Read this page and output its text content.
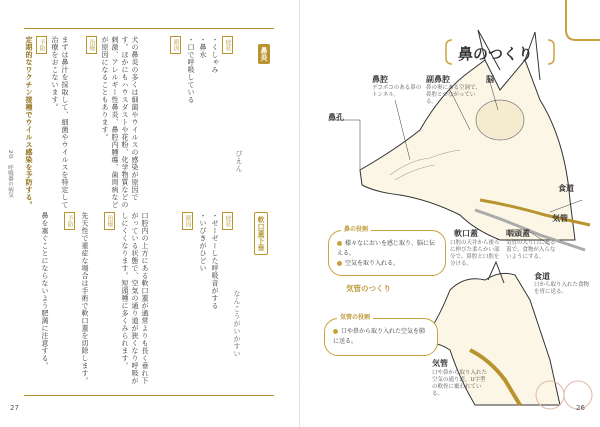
鼻炎
びえん
症状
・くしゃみ
・鼻水
・口で呼吸している
原因
犬の鼻炎の多くは細菌やウイルスの感染が原因です。ほかにもハウスダストや花粉、化学物質などの刺激、アレルギー性鼻炎、鼻腔内腫瘍、歯周病などが原因になることもあります。
治療
まずは鼻汁を採取して、細菌やウイルスを特定して治療をおこないます。
予防
定期的なワクチン接種でウイルス感染を予防する。
軟口蓋下垂
なんこうがいかすい
症状
・ゼーゼーした呼吸音がする
・いびきがひどい
原因
口腔内の上方にある軟口蓋が通常よりも長く垂れ下がっている状態で、空気の通り道が狭くなり呼吸がしにくくなります。短頭種に多くみられます。
治療
先天性で重症な場合は手術で軟口蓋を切除します。
予防
鼻を塞ぐことにならないよう肥満に注意する。
2章　呼吸器の病気
27
鼻のつくり
鼻腔
デコボコのある鼻のトンネル。
副鼻腔
鼻の奥にある空洞で、鼻腔とつながっている。
脳
鼻孔
食道
気管
軟口蓋
口腔の天井から後ろに伸びた柔らかい部分で、鼻腔と口腔を分ける。
咽頭蓋
気管の入り口にある蓋で、食物が入らないようにする。
鼻の役割
様々なにおいを感じ取り、脳に伝える。
空気を取り入れる。
気管のつくり
気管の役割
口や鼻から取り入れた空気を肺に送る。
食道
口から取り入れた食物を胃に送る。
気管
口や鼻から取り入れた空気の通り道。U字型の軟骨に覆われている。
26
